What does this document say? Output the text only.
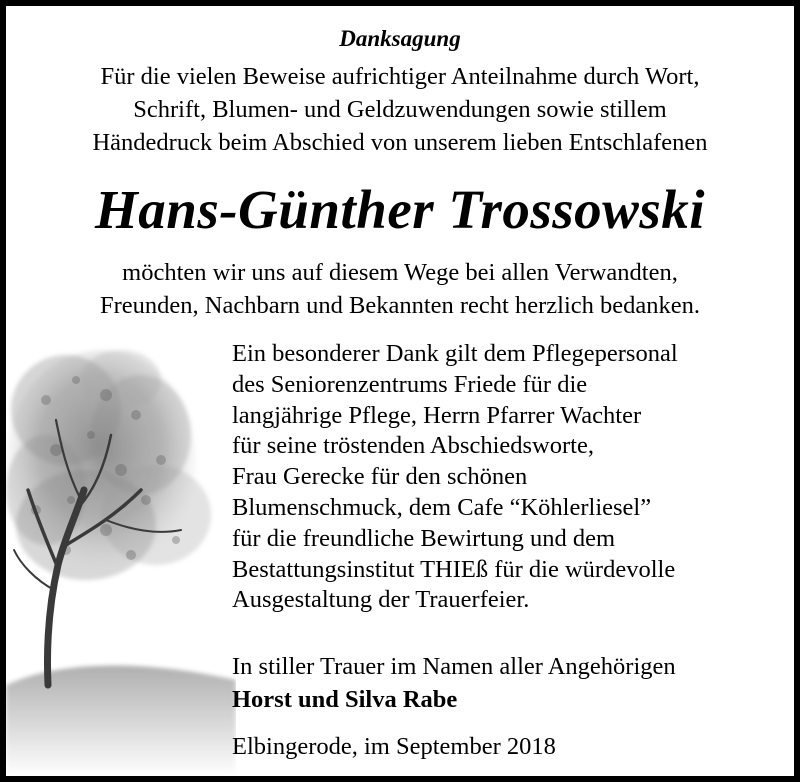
Danksagung
Für die vielen Beweise aufrichtiger Anteilnahme durch Wort,
Schrift, Blumen- und Geldzuwendungen sowie stillem
Händedruck beim Abschied von unserem lieben Entschlafenen
Hans-Günther Trossowski
möchten wir uns auf diesem Wege bei allen Verwandten,
Freunden, Nachbarn und Bekannten recht herzlich bedanken.
Ein besonderer Dank gilt dem Pflegepersonal
des Seniorenzentrums Friede für die
langjährige Pflege, Herrn Pfarrer Wachter
für seine tröstenden Abschiedsworte,
Frau Gerecke für den schönen
Blumenschmuck, dem Cafe “Köhlerliesel”
für die freundliche Bewirtung und dem
Bestattungsinstitut THIEß für die würdevolle
Ausgestaltung der Trauerfeier.
In stiller Trauer im Namen aller Angehörigen
Horst und Silva Rabe
Elbingerode, im September 2018
